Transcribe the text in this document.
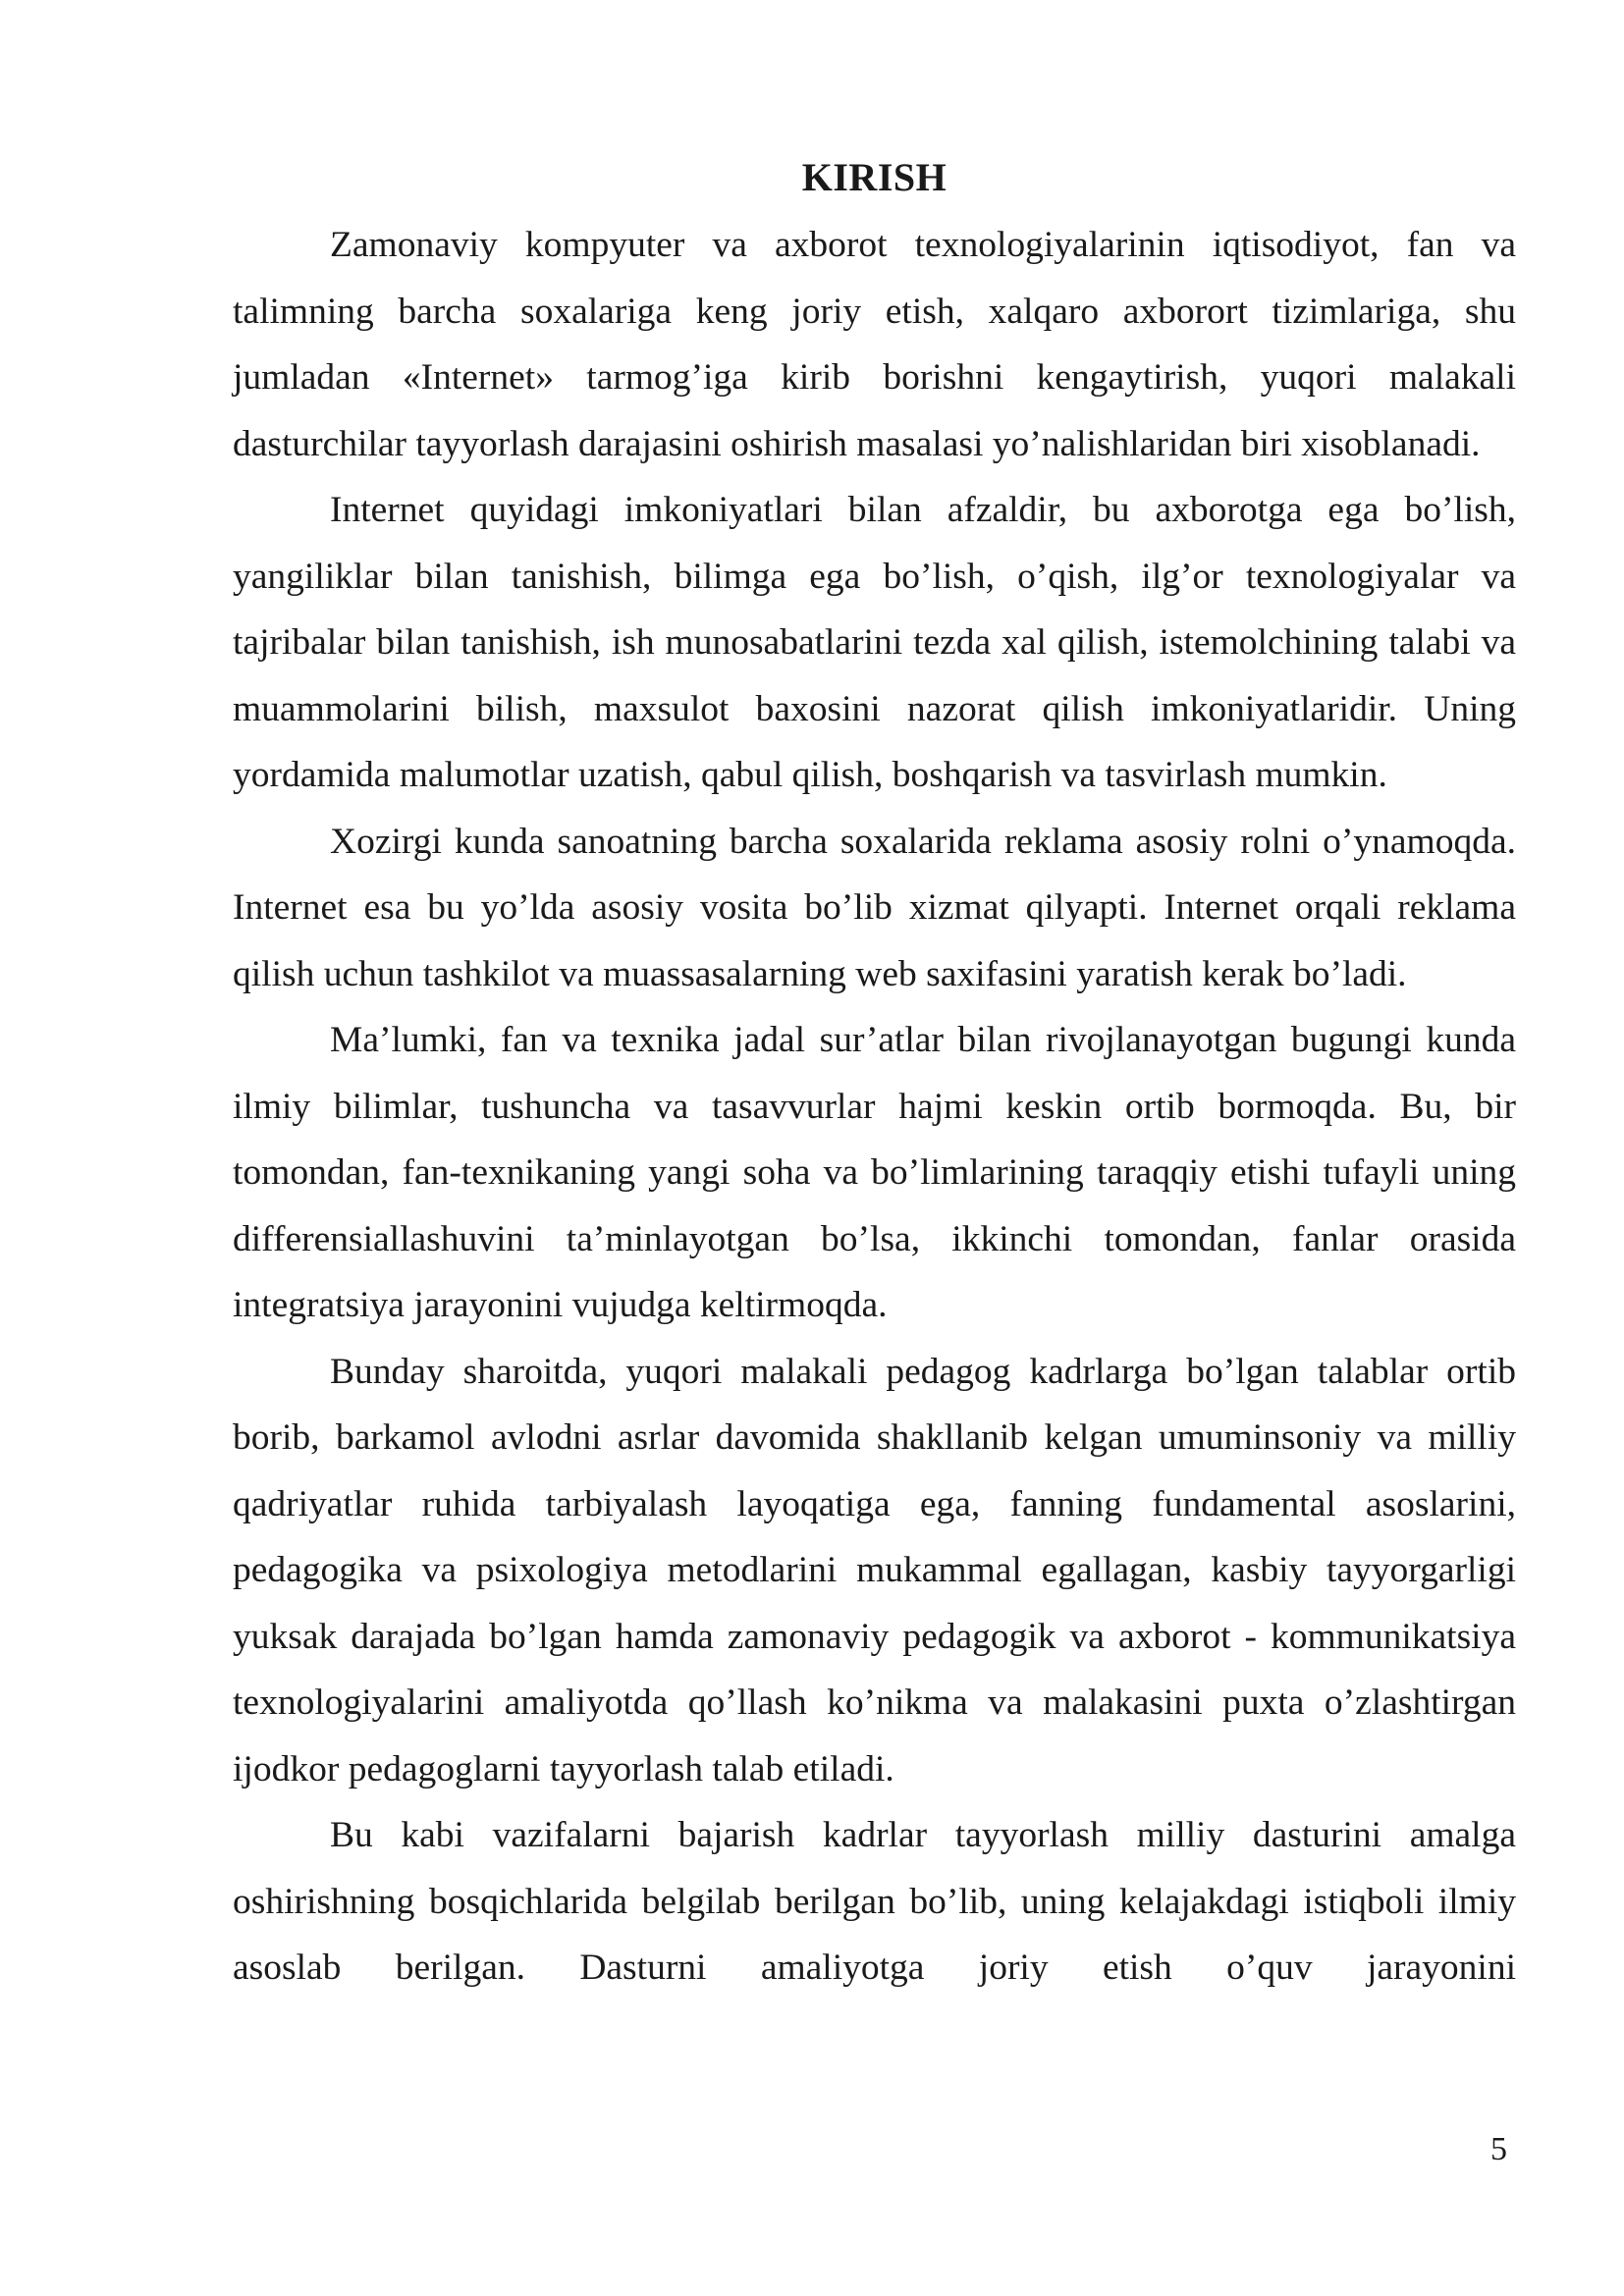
KIRISH

Zamonaviy kompyuter va axborot texnologiyalarinin iqtisodiyot, fan va talimning barcha soxalariga keng joriy etish, xalqaro axborort tizimlariga, shu jumladan «Internet» tarmog’iga kirib borishni kengaytirish, yuqori malakali dasturchilar tayyorlash darajasini oshirish masalasi yo’nalishlaridan biri xisoblanadi.

Internet quyidagi imkoniyatlari bilan afzaldir, bu axborotga ega bo’lish, yangiliklar bilan tanishish, bilimga ega bo’lish, o’qish, ilg’or texnologiyalar va tajribalar bilan tanishish, ish munosabatlarini tezda xal qilish, istemolchining talabi va muammolarini bilish, maxsulot baxosini nazorat qilish imkoniyatlaridir. Uning yordamida malumotlar uzatish, qabul qilish, boshqarish va tasvirlash mumkin.

Xozirgi kunda sanoatning barcha soxalarida reklama asosiy rolni o’ynamoqda. Internet esa bu yo’lda asosiy vosita bo’lib xizmat qilyapti. Internet orqali reklama qilish uchun tashkilot va muassasalarning web saxifasini yaratish kerak bo’ladi.

Ma’lumki, fan va texnika jadal sur’atlar bilan rivojlanayotgan bugungi kunda ilmiy bilimlar, tushuncha va tasavvurlar hajmi keskin ortib bormoqda. Bu, bir tomondan, fan-texnikaning yangi soha va bo’limlarining taraqqiy etishi tufayli uning differensiallashuvini ta’minlayotgan bo’lsa, ikkinchi tomondan, fanlar orasida integratsiya jarayonini vujudga keltirmoqda.

Bunday sharoitda, yuqori malakali pedagog kadrlarga bo’lgan talablar ortib borib, barkamol avlodni asrlar davomida shakllanib kelgan umuminsoniy va milliy qadriyatlar ruhida tarbiyalash layoqatiga ega, fanning fundamental asoslarini, pedagogika va psixologiya metodlarini mukammal egallagan, kasbiy tayyorgarligi yuksak darajada bo’lgan hamda zamonaviy pedagogik va axborot - kommunikatsiya texnologiyalarini amaliyotda qo’llash ko’nikma va malakasini puxta o’zlashtirgan ijodkor pedagoglarni tayyorlash talab etiladi.

Bu kabi vazifalarni bajarish kadrlar tayyorlash milliy dasturini amalga oshirishning bosqichlarida belgilab berilgan bo’lib, uning kelajakdagi istiqboli ilmiy asoslab berilgan. Dasturni amaliyotga joriy etish o’quv jarayonini

5
